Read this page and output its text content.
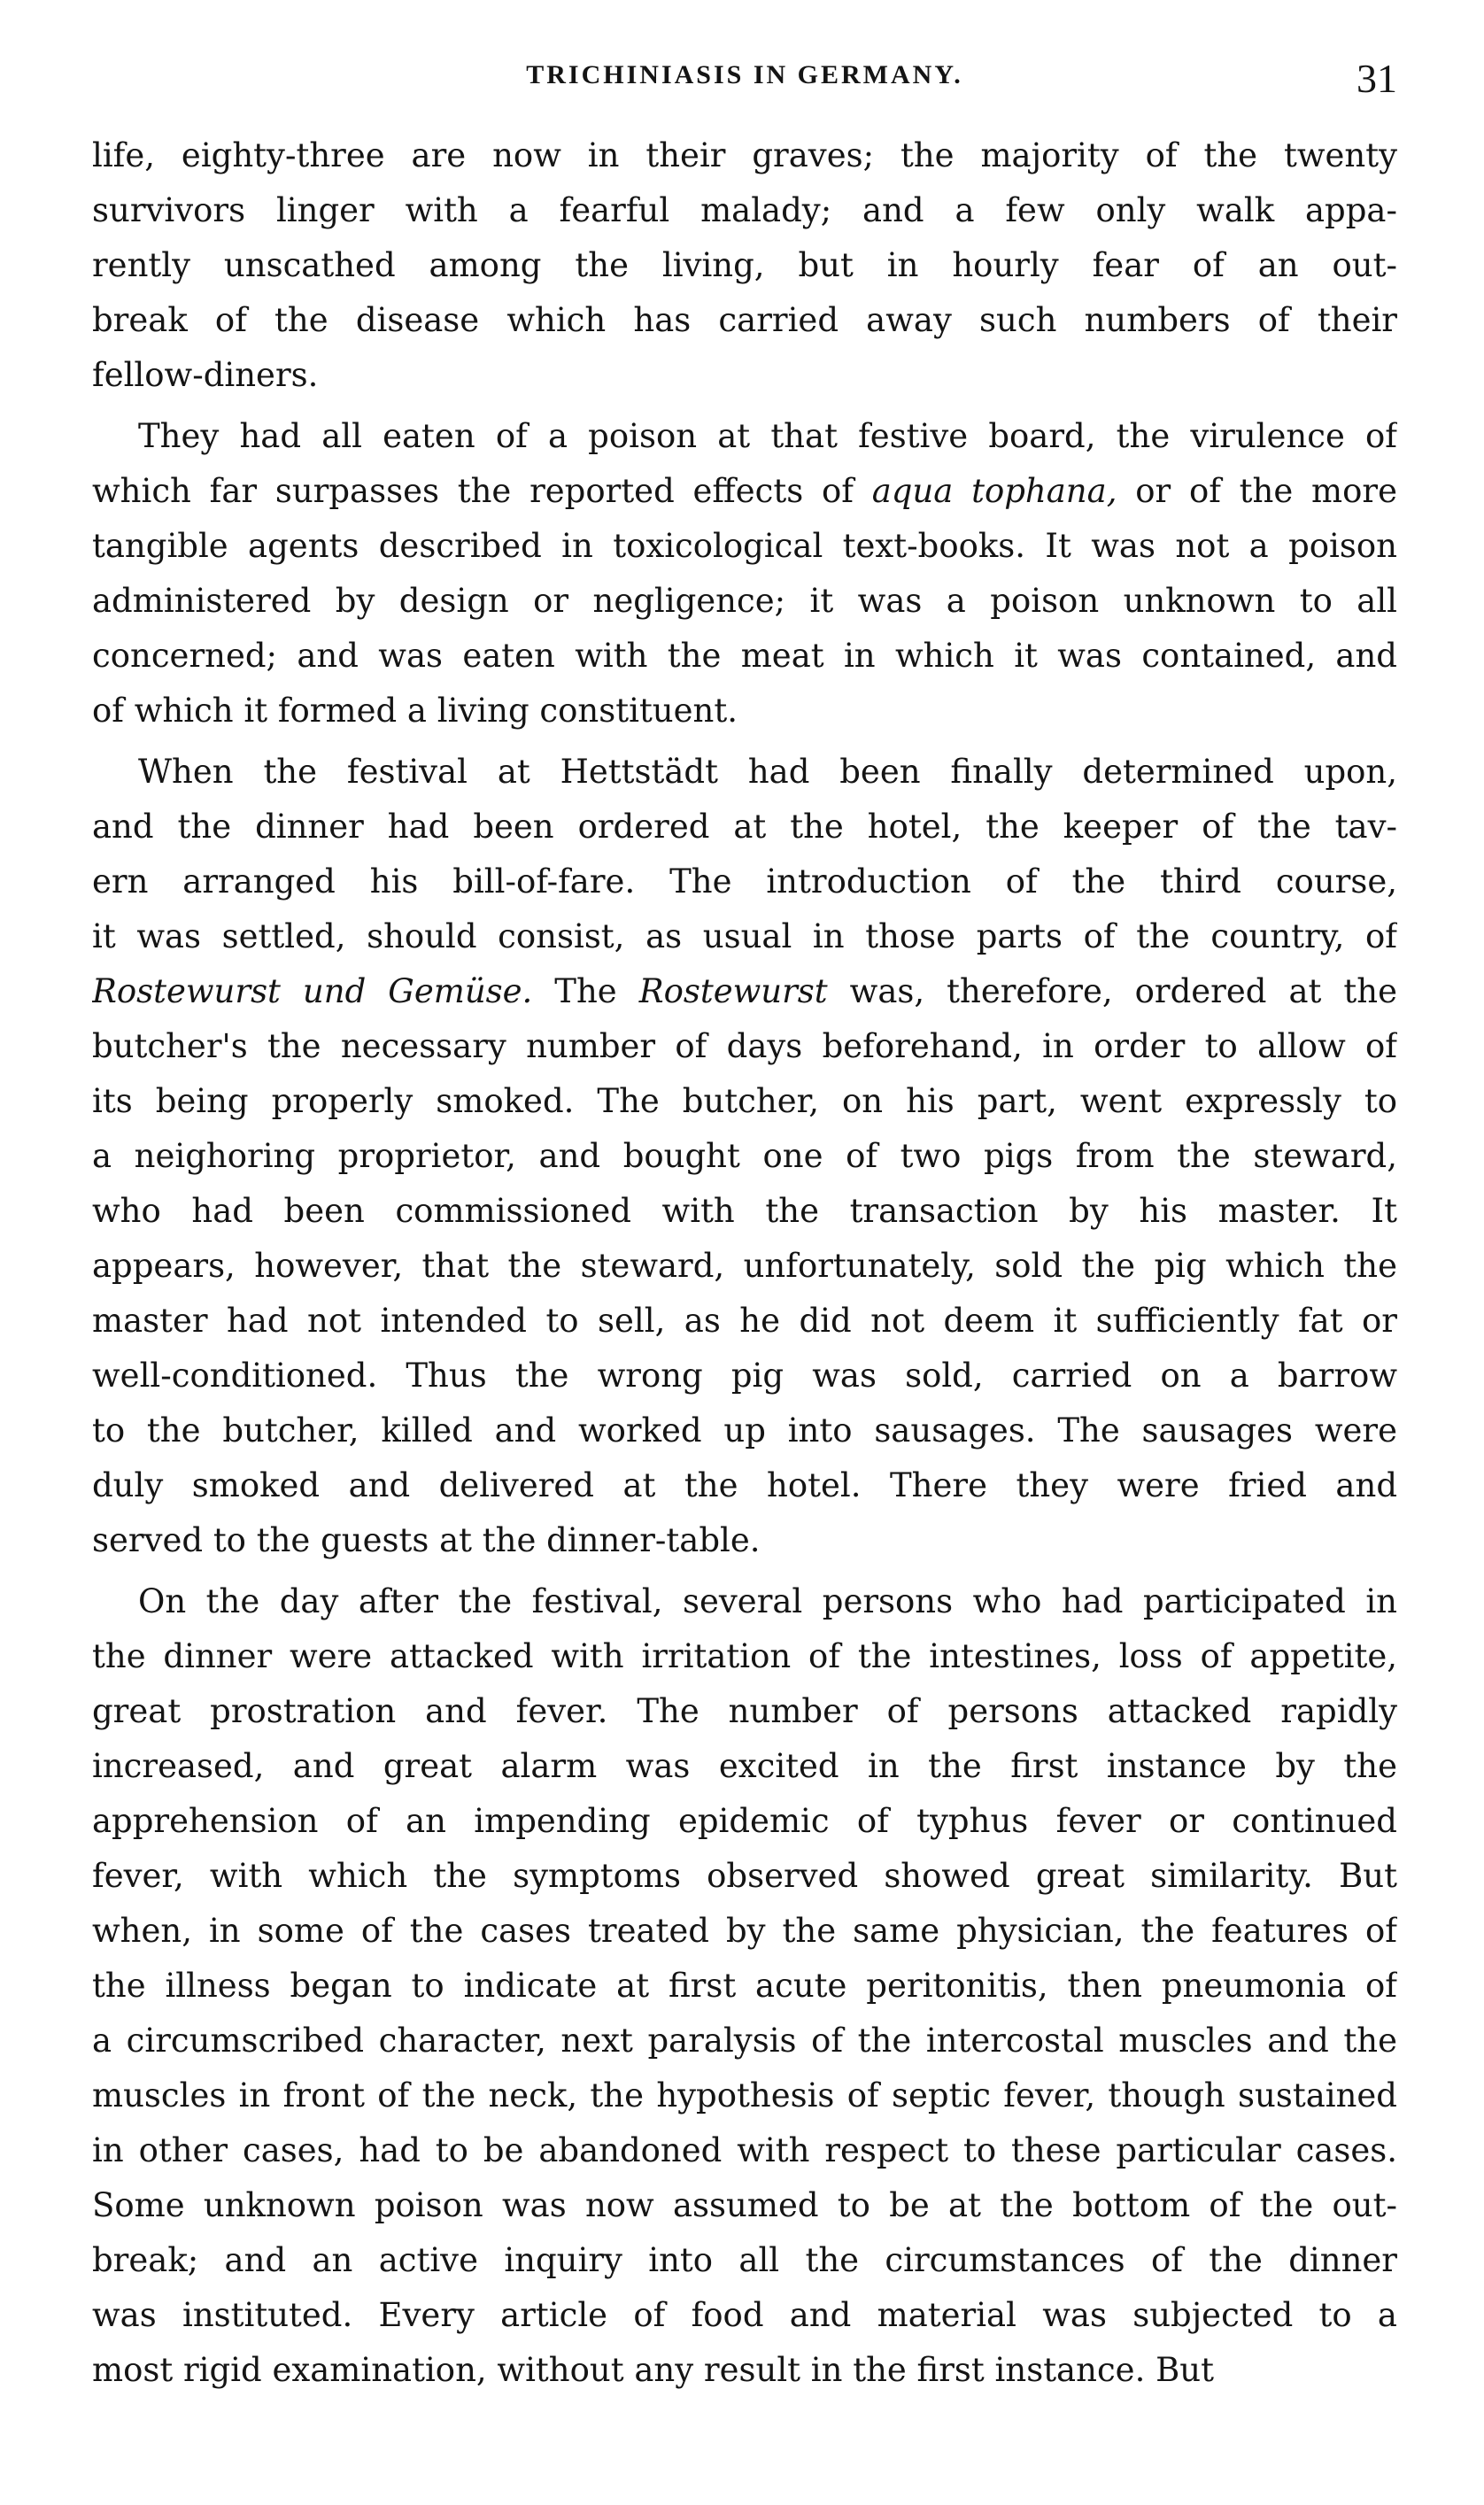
TRICHINIASIS IN GERMANY.	31
life, eighty-three are now in their graves; the majority of the twenty
survivors linger with a fearful malady; and a few only walk appa-
rently unscathed among the living, but in hourly fear of an out-
break of the disease which has carried away such numbers of their
fellow-diners.
They had all eaten of a poison at that festive board, the virulence of
which far surpasses the reported effects of aqua tophana, or of the more
tangible agents described in toxicological text-books. It was not a poison
administered by design or negligence; it was a poison unknown to all
concerned; and was eaten with the meat in which it was contained, and
of which it formed a living constituent.
When the festival at Hettstädt had been finally determined upon,
and the dinner had been ordered at the hotel, the keeper of the tav-
ern arranged his bill-of-fare. The introduction of the third course,
it was settled, should consist, as usual in those parts of the country, of
Rostewurst und Gemüse. The Rostewurst was, therefore, ordered at the
butcher's the necessary number of days beforehand, in order to allow of
its being properly smoked. The butcher, on his part, went expressly to
a neighoring proprietor, and bought one of two pigs from the steward,
who had been commissioned with the transaction by his master. It
appears, however, that the steward, unfortunately, sold the pig which the
master had not intended to sell, as he did not deem it sufficiently fat or
well-conditioned. Thus the wrong pig was sold, carried on a barrow
to the butcher, killed and worked up into sausages. The sausages were
duly smoked and delivered at the hotel. There they were fried and
served to the guests at the dinner-table.
On the day after the festival, several persons who had participated in
the dinner were attacked with irritation of the intestines, loss of appetite,
great prostration and fever. The number of persons attacked rapidly
increased, and great alarm was excited in the first instance by the
apprehension of an impending epidemic of typhus fever or continued
fever, with which the symptoms observed showed great similarity. But
when, in some of the cases treated by the same physician, the features of
the illness began to indicate at first acute peritonitis, then pneumonia of
a circumscribed character, next paralysis of the intercostal muscles and the
muscles in front of the neck, the hypothesis of septic fever, though sustained
in other cases, had to be abandoned with respect to these particular cases.
Some unknown poison was now assumed to be at the bottom of the out-
break; and an active inquiry into all the circumstances of the dinner
was instituted. Every article of food and material was subjected to a
most rigid examination, without any result in the first instance. But
